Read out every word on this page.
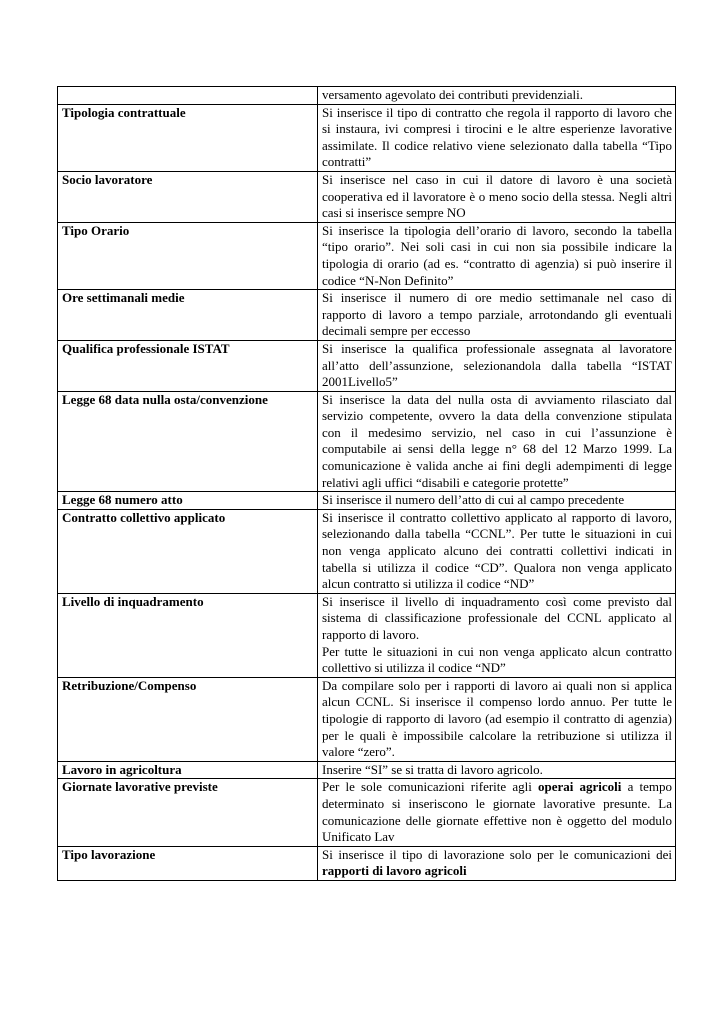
	versamento agevolato dei contributi previdenziali.

Tipologia contrattuale	Si inserisce il tipo di contratto che regola il rapporto di lavoro che si instaura, ivi compresi i tirocini e le altre esperienze lavorative assimilate. Il codice relativo viene selezionato dalla tabella “Tipo contratti”

Socio lavoratore	Si inserisce nel caso in cui il datore di lavoro è una società cooperativa ed il lavoratore è o meno socio della stessa. Negli altri casi si inserisce sempre NO

Tipo Orario	Si inserisce la tipologia dell’orario di lavoro, secondo la tabella “tipo orario”. Nei soli casi in cui non sia possibile indicare la tipologia di orario (ad es. “contratto di agenzia) si può inserire il codice “N-Non Definito”

Ore settimanali medie	Si inserisce il numero di ore medio settimanale nel caso di rapporto di lavoro a tempo parziale, arrotondando gli eventuali decimali sempre per eccesso

Qualifica professionale ISTAT	Si inserisce la qualifica professionale assegnata al lavoratore all’atto dell’assunzione, selezionandola dalla tabella “ISTAT 2001Livello5”

Legge 68 data nulla osta/convenzione	Si inserisce la data del nulla osta di avviamento rilasciato dal servizio competente, ovvero la data della convenzione stipulata con il medesimo servizio, nel caso in cui l’assunzione è computabile ai sensi della legge n° 68 del 12 Marzo 1999. La comunicazione è valida anche ai fini degli adempimenti di legge relativi agli uffici “disabili e categorie protette”

Legge 68 numero atto	Si inserisce il numero dell’atto di cui al campo precedente

Contratto collettivo applicato	Si inserisce il contratto collettivo applicato al rapporto di lavoro, selezionando dalla tabella “CCNL”. Per tutte le situazioni in cui non venga applicato alcuno dei contratti collettivi indicati in tabella si utilizza il codice “CD”. Qualora non venga applicato alcun contratto si utilizza il codice “ND”

Livello di inquadramento	Si inserisce il livello di inquadramento così come previsto dal sistema di classificazione professionale del CCNL applicato al rapporto di lavoro.
Per tutte le situazioni in cui non venga applicato alcun contratto collettivo si utilizza il codice “ND”

Retribuzione/Compenso	Da compilare solo per i rapporti di lavoro ai quali non si applica alcun CCNL. Si inserisce il compenso lordo annuo. Per tutte le tipologie di rapporto di lavoro (ad esempio il contratto di agenzia) per le quali è impossibile calcolare la retribuzione si utilizza il valore “zero”.

Lavoro in agricoltura	Inserire “SI” se si tratta di lavoro agricolo.

Giornate lavorative previste	Per le sole comunicazioni riferite agli operai agricoli a tempo determinato si inseriscono le giornate lavorative presunte. La comunicazione delle giornate effettive non è oggetto del modulo Unificato Lav
Tipo lavorazione	Si inserisce il tipo di lavorazione solo per le comunicazioni dei rapporti di lavoro agricoli
